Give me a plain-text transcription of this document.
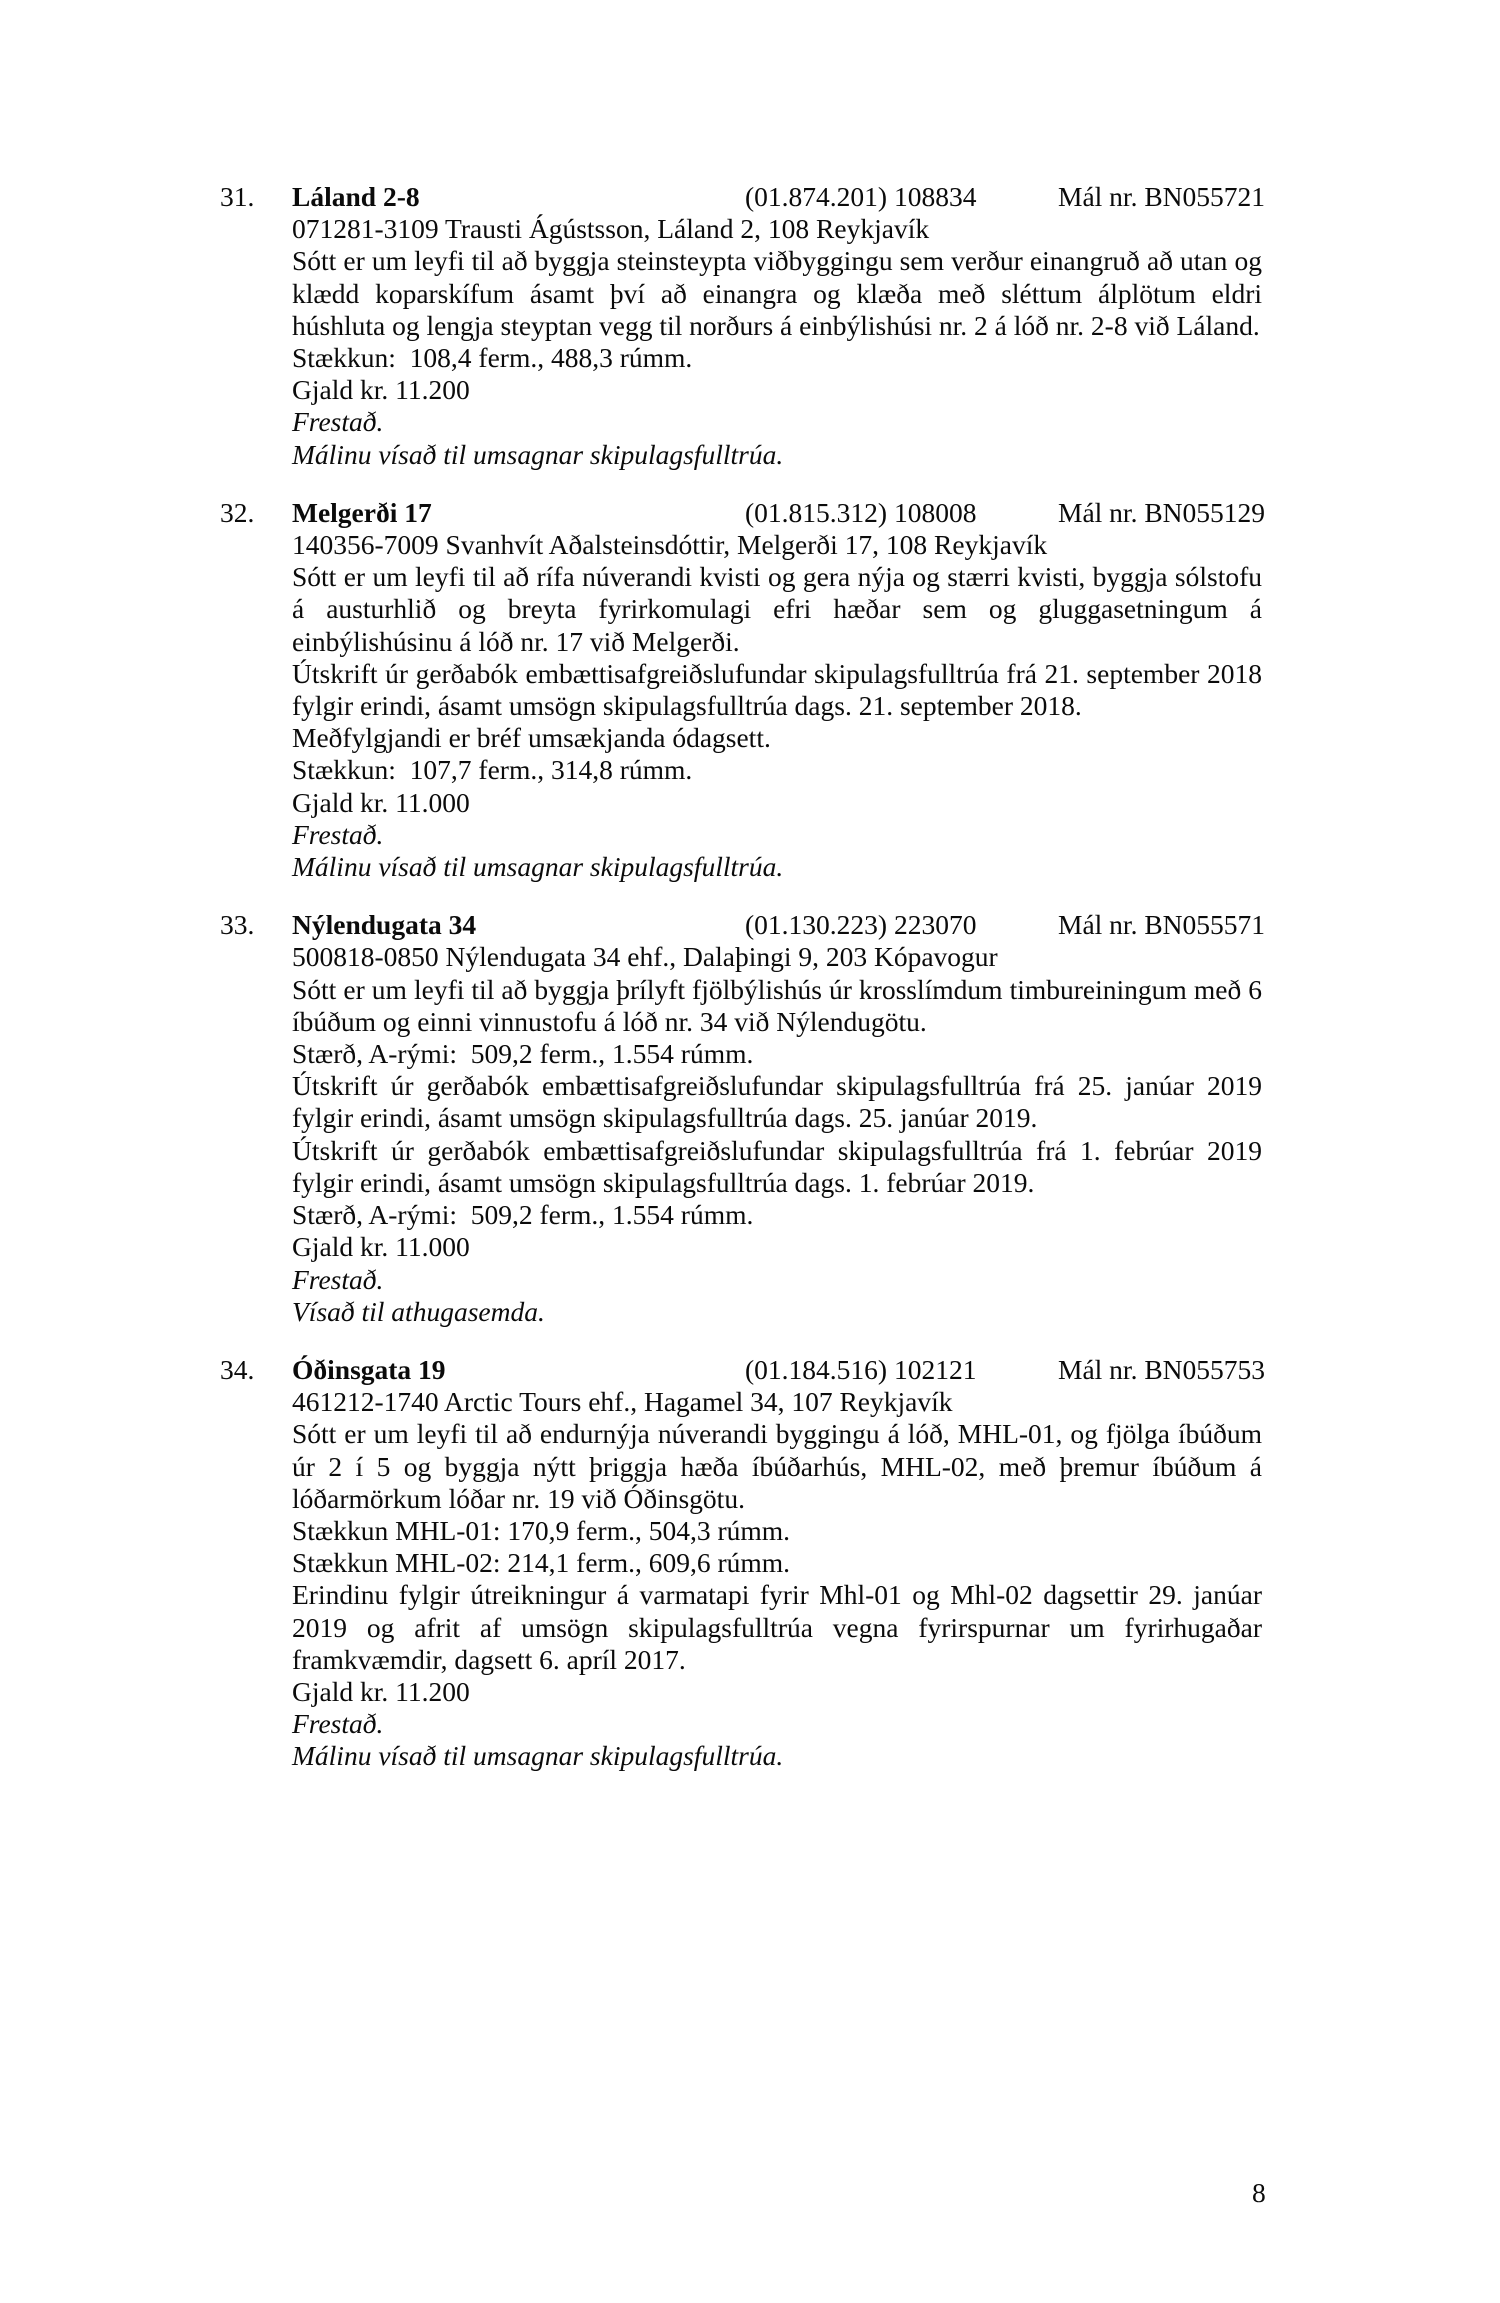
31. Láland 2-8	(01.874.201) 108834	Mál nr. BN055721
071281-3109 Trausti Ágústsson, Láland 2, 108 Reykjavík
Sótt er um leyfi til að byggja steinsteypta viðbyggingu sem verður einangruð að utan og klædd koparskífum ásamt því að einangra og klæða með sléttum álplötum eldri húshluta og lengja steyptan vegg til norðurs á einbýlishúsi nr. 2 á lóð nr. 2-8 við Láland.
Stækkun:  108,4 ferm., 488,3 rúmm.
Gjald kr. 11.200
Frestað.
Málinu vísað til umsagnar skipulagsfulltrúa.
32. Melgerði 17	(01.815.312) 108008	Mál nr. BN055129
140356-7009 Svanhvít Aðalsteinsdóttir, Melgerði 17, 108 Reykjavík
Sótt er um leyfi til að rífa núverandi kvisti og gera nýja og stærri kvisti, byggja sólstofu á austurhlið og breyta fyrirkomulagi efri hæðar sem og gluggasetningum á einbýlishúsinu á lóð nr. 17 við Melgerði.
Útskrift úr gerðabók embættisafgreiðslufundar skipulagsfulltrúa frá 21. september 2018 fylgir erindi, ásamt umsögn skipulagsfulltrúa dags. 21. september 2018.
Meðfylgjandi er bréf umsækjanda ódagsett.
Stækkun:  107,7 ferm., 314,8 rúmm.
Gjald kr. 11.000
Frestað.
Málinu vísað til umsagnar skipulagsfulltrúa.
33. Nýlendugata 34	(01.130.223) 223070	Mál nr. BN055571
500818-0850 Nýlendugata 34 ehf., Dalaþingi 9, 203 Kópavogur
Sótt er um leyfi til að byggja þrílyft fjölbýlishús úr krosslímdum timbureiningum með 6 íbúðum og einni vinnustofu á lóð nr. 34 við Nýlendugötu.
Stærð, A-rými:  509,2 ferm., 1.554 rúmm.
Útskrift úr gerðabók embættisafgreiðslufundar skipulagsfulltrúa frá 25. janúar 2019 fylgir erindi, ásamt umsögn skipulagsfulltrúa dags. 25. janúar 2019.
Útskrift úr gerðabók embættisafgreiðslufundar skipulagsfulltrúa frá 1. febrúar 2019 fylgir erindi, ásamt umsögn skipulagsfulltrúa dags. 1. febrúar 2019.
Stærð, A-rými:  509,2 ferm., 1.554 rúmm.
Gjald kr. 11.000
Frestað.
Vísað til athugasemda.
34. Óðinsgata 19	(01.184.516) 102121	Mál nr. BN055753
461212-1740 Arctic Tours ehf., Hagamel 34, 107 Reykjavík
Sótt er um leyfi til að endurnýja núverandi byggingu á lóð, MHL-01, og fjölga íbúðum úr 2 í 5 og byggja nýtt þriggja hæða íbúðarhús, MHL-02, með þremur íbúðum á lóðarmörkum lóðar nr. 19 við Óðinsgötu.
Stækkun MHL-01: 170,9 ferm., 504,3 rúmm.
Stækkun MHL-02: 214,1 ferm., 609,6 rúmm.
Erindinu fylgir útreikningur á varmatapi fyrir Mhl-01 og Mhl-02 dagsettir 29. janúar 2019 og afrit af umsögn skipulagsfulltrúa vegna fyrirspurnar um fyrirhugaðar framkvæmdir, dagsett 6. apríl 2017.
Gjald kr. 11.200
Frestað.
Málinu vísað til umsagnar skipulagsfulltrúa.
8
